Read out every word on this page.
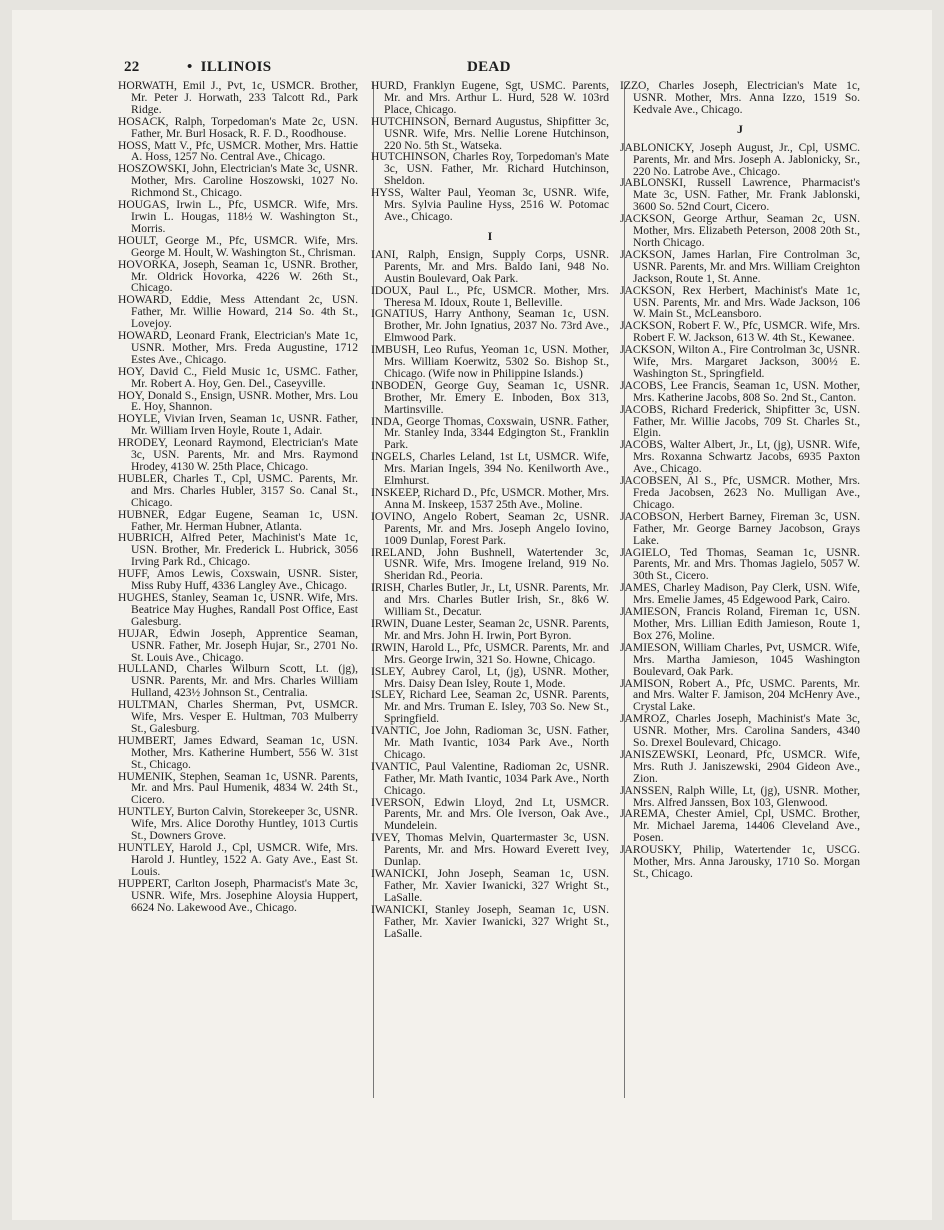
22	• ILLINOIS	DEAD

HORWATH, Emil J., Pvt, 1c, USMCR. Brother, Mr. Peter J. Horwath, 233 Talcott Rd., Park Ridge.

HOSACK, Ralph, Torpedoman's Mate 2c, USN. Father, Mr. Burl Hosack, R. F. D., Roodhouse.

HOSS, Matt V., Pfc, USMCR. Mother, Mrs. Hattie A. Hoss, 1257 No. Central Ave., Chicago.

HOSZOWSKI, John, Electrician's Mate 3c, USNR. Mother, Mrs. Caroline Hoszowski, 1027 No. Richmond St., Chicago.

HOUGAS, Irwin L., Pfc, USMCR. Wife, Mrs. Irwin L. Hougas, 118½ W. Washington St., Morris.

HOULT, George M., Pfc, USMCR. Wife, Mrs. George M. Hoult, W. Washington St., Chrisman.

HOVORKA, Joseph, Seaman 1c, USNR. Brother, Mr. Oldrick Hovorka, 4226 W. 26th St., Chicago.

HOWARD, Eddie, Mess Attendant 2c, USN. Father, Mr. Willie Howard, 214 So. 4th St., Lovejoy.

HOWARD, Leonard Frank, Electrician's Mate 1c, USNR. Mother, Mrs. Freda Augustine, 1712 Estes Ave., Chicago.

HOY, David C., Field Music 1c, USMC. Father, Mr. Robert A. Hoy, Gen. Del., Caseyville.

HOY, Donald S., Ensign, USNR. Mother, Mrs. Lou E. Hoy, Shannon.

HOYLE, Vivian Irven, Seaman 1c, USNR. Father, Mr. William Irven Hoyle, Route 1, Adair.

HRODEY, Leonard Raymond, Electrician's Mate 3c, USN. Parents, Mr. and Mrs. Raymond Hrodey, 4130 W. 25th Place, Chicago.

HUBLER, Charles T., Cpl, USMC. Parents, Mr. and Mrs. Charles Hubler, 3157 So. Canal St., Chicago.

HUBNER, Edgar Eugene, Seaman 1c, USN. Father, Mr. Herman Hubner, Atlanta.

HUBRICH, Alfred Peter, Machinist's Mate 1c, USN. Brother, Mr. Frederick L. Hubrick, 3056 Irving Park Rd., Chicago.

HUFF, Amos Lewis, Coxswain, USNR. Sister, Miss Ruby Huff, 4336 Langley Ave., Chicago.

HUGHES, Stanley, Seaman 1c, USNR. Wife, Mrs. Beatrice May Hughes, Randall Post Office, East Galesburg.

HUJAR, Edwin Joseph, Apprentice Seaman, USNR. Father, Mr. Joseph Hujar, Sr., 2701 No. St. Louis Ave., Chicago.

HULLAND, Charles Wilburn Scott, Lt. (jg), USNR. Parents, Mr. and Mrs. Charles William Hulland, 423½ Johnson St., Centralia.

HULTMAN, Charles Sherman, Pvt, USMCR. Wife, Mrs. Vesper E. Hultman, 703 Mulberry St., Galesburg.

HUMBERT, James Edward, Seaman 1c, USN. Mother, Mrs. Katherine Humbert, 556 W. 31st St., Chicago.

HUMENIK, Stephen, Seaman 1c, USNR. Parents, Mr. and Mrs. Paul Humenik, 4834 W. 24th St., Cicero.

HUNTLEY, Burton Calvin, Storekeeper 3c, USNR. Wife, Mrs. Alice Dorothy Huntley, 1013 Curtis St., Downers Grove.

HUNTLEY, Harold J., Cpl, USMCR. Wife, Mrs. Harold J. Huntley, 1522 A. Gaty Ave., East St. Louis.

HUPPERT, Carlton Joseph, Pharmacist's Mate 3c, USNR. Wife, Mrs. Josephine Aloysia Huppert, 6624 No. Lakewood Ave., Chicago.

HURD, Franklyn Eugene, Sgt, USMC. Parents, Mr. and Mrs. Arthur L. Hurd, 528 W. 103rd Place, Chicago.

HUTCHINSON, Bernard Augustus, Shipfitter 3c, USNR. Wife, Mrs. Nellie Lorene Hutchinson, 220 No. 5th St., Watseka.

HUTCHINSON, Charles Roy, Torpedoman's Mate 3c, USN. Father, Mr. Richard Hutchinson, Sheldon.

HYSS, Walter Paul, Yeoman 3c, USNR. Wife, Mrs. Sylvia Pauline Hyss, 2516 W. Potomac Ave., Chicago.

I

IANI, Ralph, Ensign, Supply Corps, USNR. Parents, Mr. and Mrs. Baldo Iani, 948 No. Austin Boulevard, Oak Park.

IDOUX, Paul L., Pfc, USMCR. Mother, Mrs. Theresa M. Idoux, Route 1, Belleville.

IGNATIUS, Harry Anthony, Seaman 1c, USN. Brother, Mr. John Ignatius, 2037 No. 73rd Ave., Elmwood Park.

IMBUSH, Leo Rufus, Yeoman 1c, USN. Mother, Mrs. William Koerwitz, 5302 So. Bishop St., Chicago. (Wife now in Philippine Islands.)

INBODEN, George Guy, Seaman 1c, USNR. Brother, Mr. Emery E. Inboden, Box 313, Martinsville.

INDA, George Thomas, Coxswain, USNR. Father, Mr. Stanley Inda, 3344 Edgington St., Franklin Park.

INGELS, Charles Leland, 1st Lt, USMCR. Wife, Mrs. Marian Ingels, 394 No. Kenilworth Ave., Elmhurst.

INSKEEP, Richard D., Pfc, USMCR. Mother, Mrs. Anna M. Inskeep, 1537 25th Ave., Moline.

IOVINO, Angelo Robert, Seaman 2c, USNR. Parents, Mr. and Mrs. Joseph Angelo Iovino, 1009 Dunlap, Forest Park.

IRELAND, John Bushnell, Watertender 3c, USNR. Wife, Mrs. Imogene Ireland, 919 No. Sheridan Rd., Peoria.

IRISH, Charles Butler, Jr., Lt, USNR. Parents, Mr. and Mrs. Charles Butler Irish, Sr., 8k6 W. William St., Decatur.

IRWIN, Duane Lester, Seaman 2c, USNR. Parents, Mr. and Mrs. John H. Irwin, Port Byron.

IRWIN, Harold L., Pfc, USMCR. Parents, Mr. and Mrs. George Irwin, 321 So. Howne, Chicago.

ISLEY, Aubrey Carol, Lt, (jg), USNR. Mother, Mrs. Daisy Dean Isley, Route 1, Mode.

ISLEY, Richard Lee, Seaman 2c, USNR. Parents, Mr. and Mrs. Truman E. Isley, 703 So. New St., Springfield.

IVANTIC, Joe John, Radioman 3c, USN. Father, Mr. Math Ivantic, 1034 Park Ave., North Chicago.

IVANTIC, Paul Valentine, Radioman 2c, USNR. Father, Mr. Math Ivantic, 1034 Park Ave., North Chicago.

IVERSON, Edwin Lloyd, 2nd Lt, USMCR. Parents, Mr. and Mrs. Ole Iverson, Oak Ave., Mundelein.

IVEY, Thomas Melvin, Quartermaster 3c, USN. Parents, Mr. and Mrs. Howard Everett Ivey, Dunlap.

IWANICKI, John Joseph, Seaman 1c, USN. Father, Mr. Xavier Iwanicki, 327 Wright St., LaSalle.

IWANICKI, Stanley Joseph, Seaman 1c, USN. Father, Mr. Xavier Iwanicki, 327 Wright St., LaSalle.

IZZO, Charles Joseph, Electrician's Mate 1c, USNR. Mother, Mrs. Anna Izzo, 1519 So. Kedvale Ave., Chicago.

J

JABLONICKY, Joseph August, Jr., Cpl, USMC. Parents, Mr. and Mrs. Joseph A. Jablonicky, Sr., 220 No. Latrobe Ave., Chicago.

JABLONSKI, Russell Lawrence, Pharmacist's Mate 3c, USN. Father, Mr. Frank Jablonski, 3600 So. 52nd Court, Cicero.

JACKSON, George Arthur, Seaman 2c, USN. Mother, Mrs. Elizabeth Peterson, 2008 20th St., North Chicago.

JACKSON, James Harlan, Fire Controlman 3c, USNR. Parents, Mr. and Mrs. William Creighton Jackson, Route 1, St. Anne.

JACKSON, Rex Herbert, Machinist's Mate 1c, USN. Parents, Mr. and Mrs. Wade Jackson, 106 W. Main St., McLeansboro.

JACKSON, Robert F. W., Pfc, USMCR. Wife, Mrs. Robert F. W. Jackson, 613 W. 4th St., Kewanee.

JACKSON, Wilton A., Fire Controlman 3c, USNR. Wife, Mrs. Margaret Jackson, 300½ E. Washington St., Springfield.

JACOBS, Lee Francis, Seaman 1c, USN. Mother, Mrs. Katherine Jacobs, 808 So. 2nd St., Canton.

JACOBS, Richard Frederick, Shipfitter 3c, USN. Father, Mr. Willie Jacobs, 709 St. Charles St., Elgin.

JACOBS, Walter Albert, Jr., Lt, (jg), USNR. Wife, Mrs. Roxanna Schwartz Jacobs, 6935 Paxton Ave., Chicago.

JACOBSEN, Al S., Pfc, USMCR. Mother, Mrs. Freda Jacobsen, 2623 No. Mulligan Ave., Chicago.

JACOBSON, Herbert Barney, Fireman 3c, USN. Father, Mr. George Barney Jacobson, Grays Lake.

JAGIELO, Ted Thomas, Seaman 1c, USNR. Parents, Mr. and Mrs. Thomas Jagielo, 5057 W. 30th St., Cicero.

JAMES, Charley Madison, Pay Clerk, USN. Wife, Mrs. Emelie James, 45 Edgewood Park, Cairo.

JAMIESON, Francis Roland, Fireman 1c, USN. Mother, Mrs. Lillian Edith Jamieson, Route 1, Box 276, Moline.

JAMIESON, William Charles, Pvt, USMCR. Wife, Mrs. Martha Jamieson, 1045 Washington Boulevard, Oak Park.

JAMISON, Robert A., Pfc, USMC. Parents, Mr. and Mrs. Walter F. Jamison, 204 McHenry Ave., Crystal Lake.

JAMROZ, Charles Joseph, Machinist's Mate 3c, USNR. Mother, Mrs. Carolina Sanders, 4340 So. Drexel Boulevard, Chicago.

JANISZEWSKI, Leonard, Pfc, USMCR. Wife, Mrs. Ruth J. Janiszewski, 2904 Gideon Ave., Zion.

JANSSEN, Ralph Wille, Lt, (jg), USNR. Mother, Mrs. Alfred Janssen, Box 103, Glenwood.

JAREMA, Chester Amiel, Cpl, USMC. Brother, Mr. Michael Jarema, 14406 Cleveland Ave., Posen.

JAROUSKY, Philip, Watertender 1c, USCG. Mother, Mrs. Anna Jarousky, 1710 So. Morgan St., Chicago.
